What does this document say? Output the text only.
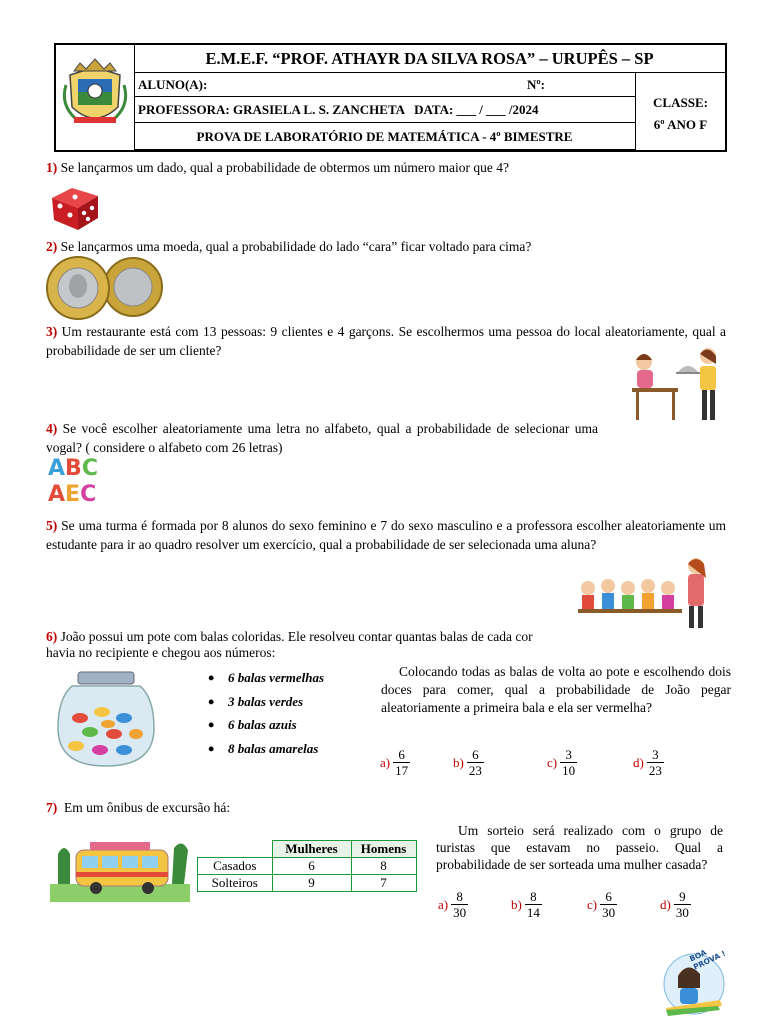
E.M.E.F. “PROF. ATHAYR DA SILVA ROSA” – URUPÊS – SP
ALUNO(A):	Nº:
PROFESSORA: GRASIELA L. S. ZANCHETA   DATA: ___ / ___ /2024
PROVA DE LABORATÓRIO DE MATEMÁTICA - 4º BIMESTRE
CLASSE:
6º ANO F
1) Se lançarmos um dado, qual a probabilidade de obtermos um número maior que 4?
2) Se lançarmos uma moeda, qual a probabilidade do lado “cara” ficar voltado para cima?
3) Um restaurante está com 13 pessoas: 9 clientes e 4 garçons. Se escolhermos uma pessoa do local aleatoriamente, qual a probabilidade de ser um cliente?
4) Se você escolher aleatoriamente uma letra no alfabeto, qual a probabilidade de selecionar uma vogal? ( considere o alfabeto com 26 letras)
ABC
AEC
5) Se uma turma é formada por 8 alunos do sexo feminino e 7 do sexo masculino e a professora escolher aleatoriamente um estudante para ir ao quadro resolver um exercício, qual a probabilidade de ser selecionada uma aluna?
6) João possui um pote com balas coloridas. Ele resolveu contar quantas balas de cada cor havia no recipiente e chegou aos números:
• 6 balas vermelhas
• 3 balas verdes
• 6 balas azuis
• 8 balas amarelas
Colocando todas as balas de volta ao pote e escolhendo dois doces para comer, qual a probabilidade de João pegar aleatoriamente a primeira bala e ela ser vermelha?
$a) \frac{6}{17}$	$b) \frac{6}{23}$	$c) \frac{3}{10}$	$d) \frac{3}{23}$
7)  Em um ônibus de excursão há:
	Mulheres	Homens
Casados	6	8
Solteiros	9	7
Um sorteio será realizado com o grupo de turistas que estavam no passeio. Qual a probabilidade de ser sorteada uma mulher casada?
$a) \frac{8}{30}$	$b) \frac{8}{14}$	$c) \frac{6}{30}$	$d) \frac{9}{30}$
BOA PROVA !
